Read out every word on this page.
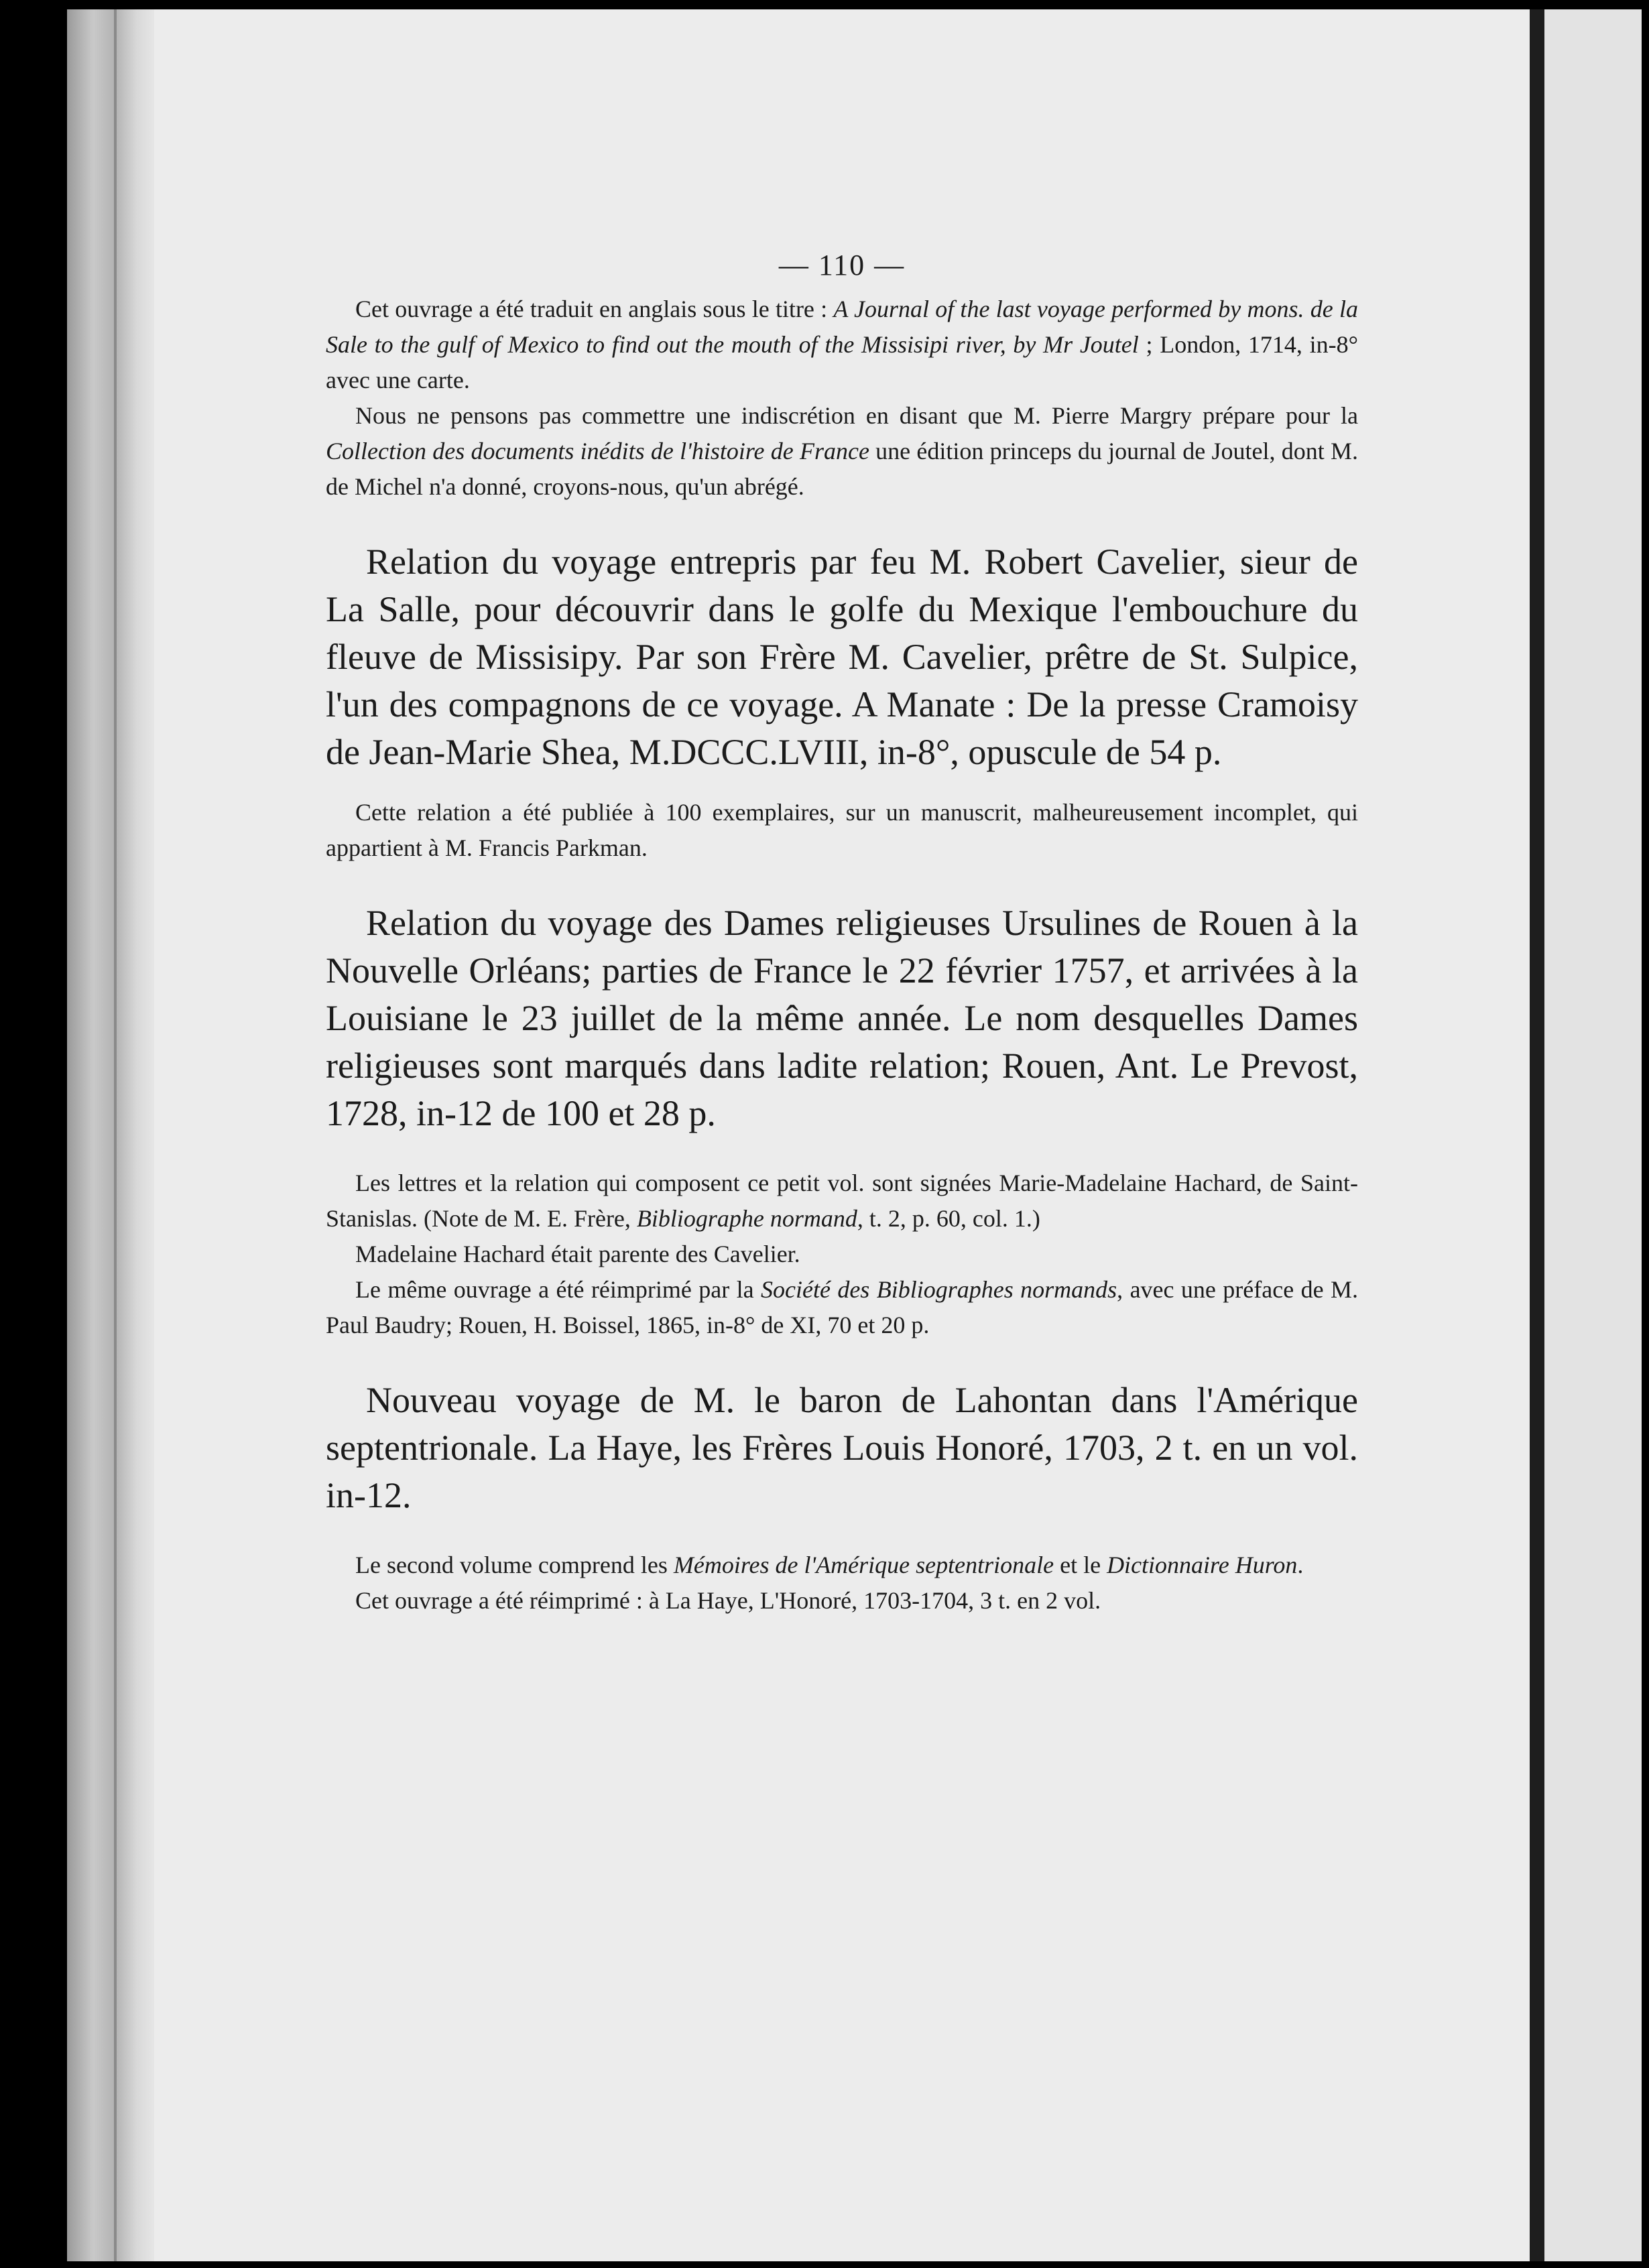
— 110 —

Cet ouvrage a été traduit en anglais sous le titre : A Journal of the last voyage performed by mons. de la Sale to the gulf of Mexico to find out the mouth of the Missisipi river, by Mr Joutel ; London, 1714, in-8° avec une carte.

Nous ne pensons pas commettre une indiscrétion en disant que M. Pierre Margry prépare pour la Collection des documents inédits de l'histoire de France une édition princeps du journal de Joutel, dont M. de Michel n'a donné, croyons-nous, qu'un abrégé.

Relation du voyage entrepris par feu M. Robert Cavelier, sieur de La Salle, pour découvrir dans le golfe du Mexique l'embouchure du fleuve de Missisipy. Par son Frère M. Cavelier, prêtre de St. Sulpice, l'un des compagnons de ce voyage. A Manate : De la presse Cramoisy de Jean-Marie Shea, M.DCCC.LVIII, in-8°, opuscule de 54 p.

Cette relation a été publiée à 100 exemplaires, sur un manuscrit, malheureusement incomplet, qui appartient à M. Francis Parkman.

Relation du voyage des Dames religieuses Ursulines de Rouen à la Nouvelle Orléans; parties de France le 22 février 1757, et arrivées à la Louisiane le 23 juillet de la même année. Le nom desquelles Dames religieuses sont marqués dans ladite relation; Rouen, Ant. Le Prevost, 1728, in-12 de 100 et 28 p.

Les lettres et la relation qui composent ce petit vol. sont signées Marie-Madelaine Hachard, de Saint-Stanislas. (Note de M. E. Frère, Bibliographe normand, t. 2, p. 60, col. 1.)

Madelaine Hachard était parente des Cavelier.

Le même ouvrage a été réimprimé par la Société des Bibliographes normands, avec une préface de M. Paul Baudry; Rouen, H. Boissel, 1865, in-8° de XI, 70 et 20 p.

Nouveau voyage de M. le baron de Lahontan dans l'Amérique septentrionale. La Haye, les Frères Louis Honoré, 1703, 2 t. en un vol. in-12.

Le second volume comprend les Mémoires de l'Amérique septentrionale et le Dictionnaire Huron.

Cet ouvrage a été réimprimé : à La Haye, L'Honoré, 1703-1704, 3 t. en 2 vol.
